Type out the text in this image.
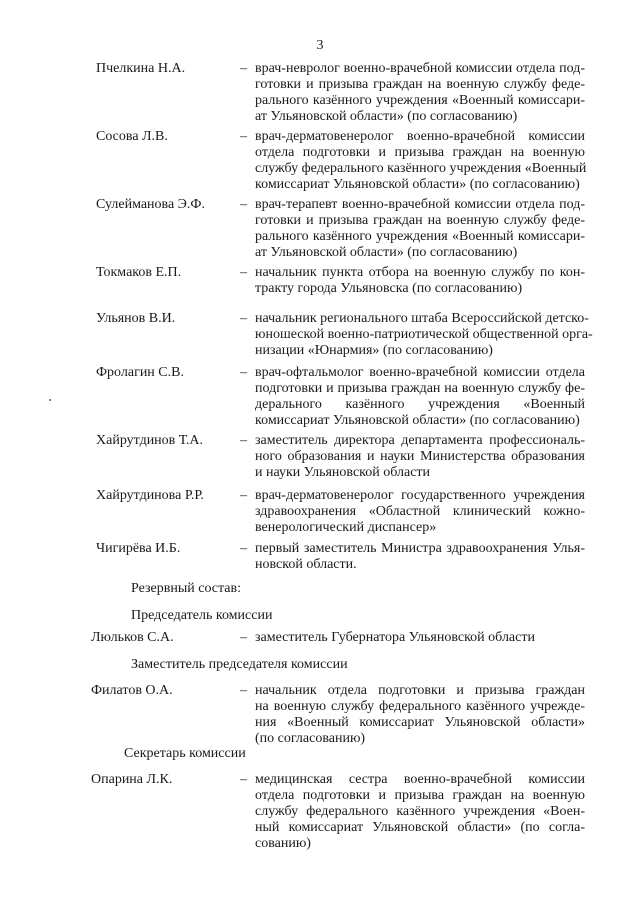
3
Пчелкина Н.А.	– врач-невролог военно-врачебной комиссии отдела под-
готовки и призыва граждан на военную службу феде-
рального казённого учреждения «Военный комиссари-
ат Ульяновской области» (по согласованию)
Сосова Л.В.	– врач-дерматовенеролог военно-врачебной комиссии
отдела подготовки и призыва граждан на военную
службу федерального казённого учреждения «Военный
комиссариат Ульяновской области» (по согласованию)
Сулейманова Э.Ф.	– врач-терапевт военно-врачебной комиссии отдела под-
готовки и призыва граждан на военную службу феде-
рального казённого учреждения «Военный комиссари-
ат Ульяновской области» (по согласованию)
Токмаков Е.П.	– начальник пункта отбора на военную службу по кон-
тракту города Ульяновска (по согласованию)
Ульянов В.И.	– начальник регионального штаба Всероссийской детско-
юношеской военно-патриотической общественной орга-
низации «Юнармия» (по согласованию)
Фролагин С.В.	– врач-офтальмолог военно-врачебной комиссии отдела
подготовки и призыва граждан на военную службу фе-
дерального казённого учреждения «Военный
комиссариат Ульяновской области» (по согласованию)
Хайрутдинов Т.А.	– заместитель директора департамента профессиональ-
ного образования и науки Министерства образования
и науки Ульяновской области
Хайрутдинова Р.Р.	– врач-дерматовенеролог государственного учреждения
здравоохранения «Областной клинический кожно-
венерологический диспансер»
Чигирёва И.Б.	– первый заместитель Министра здравоохранения Улья-
новской области.
Резервный состав:
Председатель комиссии
Люльков С.А.	– заместитель Губернатора Ульяновской области
Заместитель председателя комиссии
Филатов О.А.	– начальник отдела подготовки и призыва граждан
на военную службу федерального казённого учрежде-
ния «Военный комиссариат Ульяновской области»
(по согласованию)
Секретарь комиссии
Опарина Л.К.	– медицинская сестра военно-врачебной комиссии
отдела подготовки и призыва граждан на военную
службу федерального казённого учреждения «Воен-
ный комиссариат Ульяновской области» (по согла-
сованию)
